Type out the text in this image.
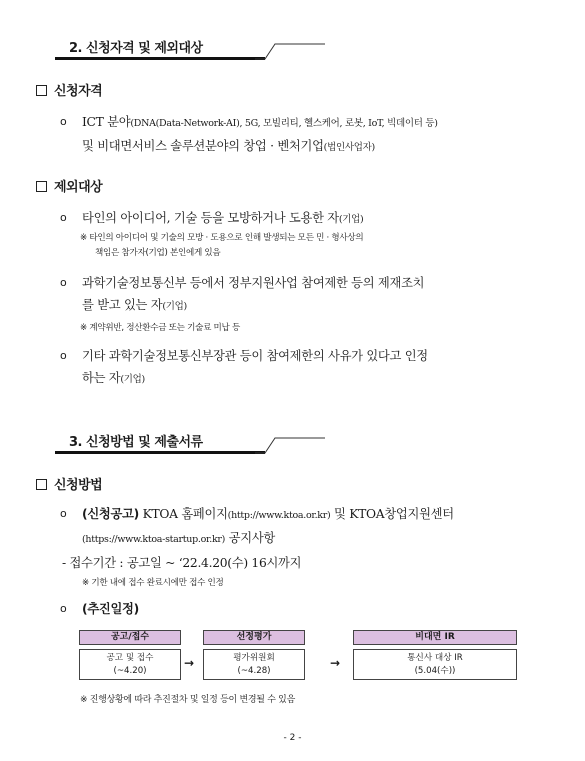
2. 신청자격 및 제외대상
신청자격
o	ICT 분야(DNA(Data-Network-AI), 5G, 모빌리티, 헬스케어, 로봇, IoT, 빅데이터 등)
및 비대면서비스 솔루션분야의 창업 · 벤처기업(법인사업자)
제외대상
o	타인의 아이디어, 기술 등을 모방하거나 도용한 자(기업)
※ 타인의 아이디어 및 기술의 모방 · 도용으로 인해 발생되는 모든 민 · 형사상의

책임은 참가자(기업) 본인에게 있음
o	과학기술정보통신부 등에서 정부지원사업 참여제한 등의 제재조치
를 받고 있는 자(기업)
※ 계약위반, 정산환수금 또는 기술료 미납 등
o	기타 과학기술정보통신부장관 등이 참여제한의 사유가 있다고 인정
하는 자(기업)
3. 신청방법 및 제출서류
신청방법
o	(신청공고) KTOA 홈페이지(http://www.ktoa.or.kr) 및 KTOA창업지원센터
(https://www.ktoa-startup.or.kr) 공지사항
- 접수기간 : 공고일 ~ ‘22.4.20(수) 16시까지
※ 기한 내에 접수 완료시에만 접수 인정
o	(추진일정)
공고/접수
공고 및 접수
(~4.20)
→
선정평가
평가위원회
(~4.28)
→
비대면 IR
통신사 대상 IR
(5.04(수))
※ 진행상황에 따라 추진절차 및 일정 등이 변경될 수 있음
- 2 -
